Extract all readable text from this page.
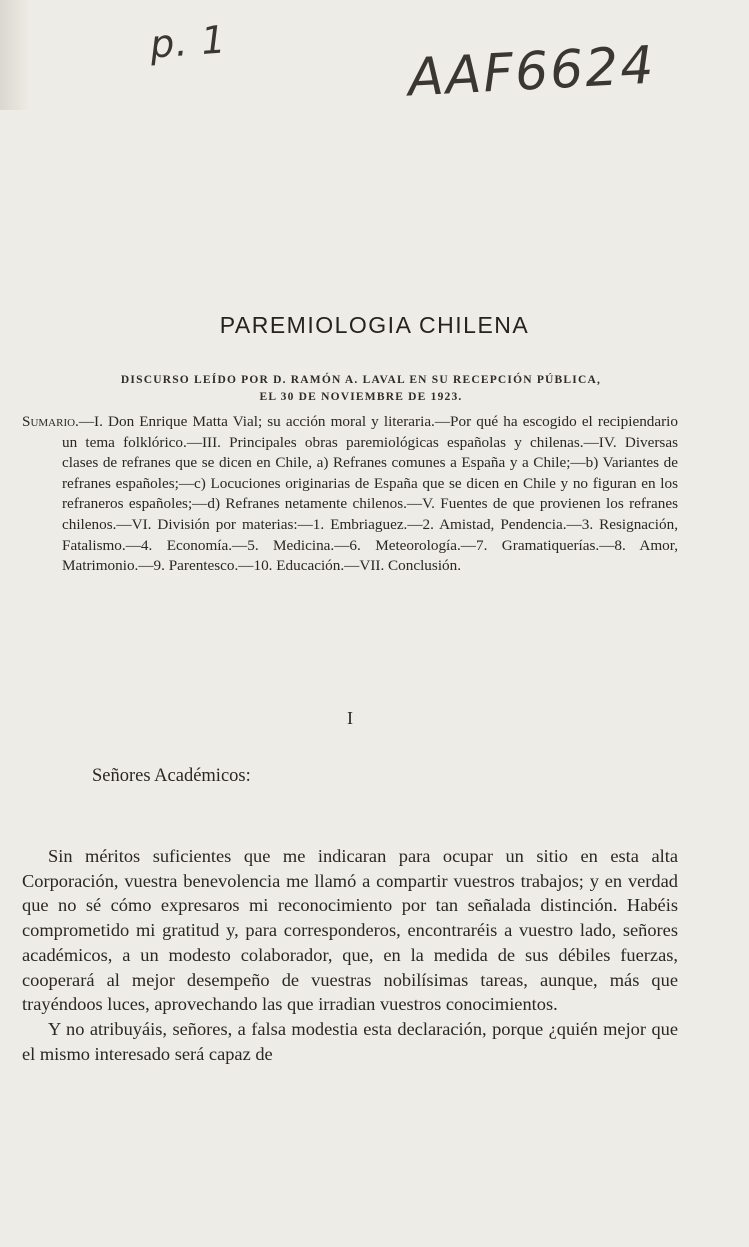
p. 1	AAF6624
PAREMIOLOGIA CHILENA
DISCURSO LEÍDO POR D. RAMÓN A. LAVAL EN SU RECEPCIÓN PÚBLICA,
EL 30 DE NOVIEMBRE DE 1923.
Sumario.—I. Don Enrique Matta Vial; su acción moral y literaria.—Por qué ha escogido el recipiendario un tema folklórico.—III. Principales obras paremiológicas españolas y chilenas.—IV. Diversas clases de refranes que se dicen en Chile, a) Refranes comunes a España y a Chile;—b) Variantes de refranes españoles;—c) Locuciones originarias de España que se dicen en Chile y no figuran en los refraneros españoles;—d) Refranes netamente chilenos.—V. Fuentes de que provienen los refranes chilenos.—VI. División por materias:—1. Embriaguez.—2. Amistad, Pendencia.—3. Resignación, Fatalismo.—4. Economía.—5. Medicina.—6. Meteorología.—7. Gramatiquerías.—8. Amor, Matrimonio.—9. Parentesco.—10. Educación.—VII. Conclusión.
I
Señores Académicos:

Sin méritos suficientes que me indicaran para ocupar un sitio en esta alta Corporación, vuestra benevolencia me llamó a compartir vuestros trabajos; y en verdad que no sé cómo expresaros mi reconocimiento por tan señalada distinción. Habéis comprometido mi gratitud y, para corresponderos, encontraréis a vuestro lado, señores académicos, a un modesto colaborador, que, en la medida de sus débiles fuerzas, cooperará al mejor desempeño de vuestras nobilísimas tareas, aunque, más que trayéndoos luces, aprovechando las que irradian vuestros conocimientos.

Y no atribuyáis, señores, a falsa modestia esta declaración, porque ¿quién mejor que el mismo interesado será capaz de
